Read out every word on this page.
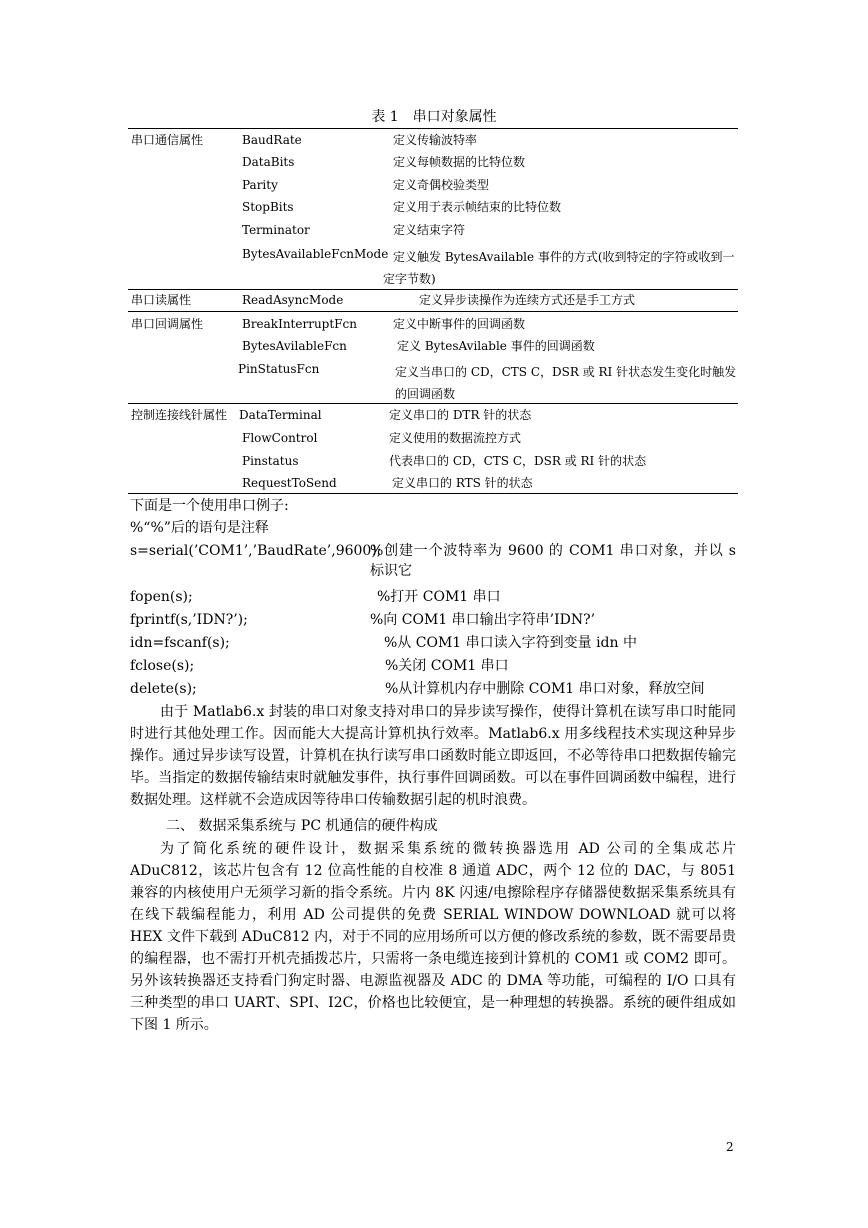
表 1　串口对象属性
串口通信属性	BaudRate	定义传输波特率
DataBits	定义每帧数据的比特位数
Parity	定义奇偶校验类型
StopBits	定义用于表示帧结束的比特位数
Terminator	定义结束字符
BytesAvailableFcnMode 定义触发 BytesAvailable 事件的方式(收到特定的字符或收到一定字节数)
串口读属性	ReadAsyncMode	定义异步读操作为连续方式还是手工方式
串口回调属性	BreakInterruptFcn	定义中断事件的回调函数
BytesAvilableFcn	定义 BytesAvilable 事件的回调函数
PinStatusFcn	定义当串口的 CD，CTS C，DSR 或 RI 针状态发生变化时触发的回调函数
控制连接线针属性 DataTerminal	定义串口的 DTR 针的状态
FlowControl	定义使用的数据流控方式
Pinstatus	代表串口的 CD，CTS C，DSR 或 RI 针的状态
RequestToSend	定义串口的 RTS 针的状态
下面是一个使用串口例子:
%“%”后的语句是注释
s=serial(’COM1’,’BaudRate’,9600);
%创建一个波特率为 9600 的 COM1 串口对象，并以 s 标识它
fopen(s);	%打开 COM1 串口
fprintf(s,’IDN?’);	%向 COM1 串口输出字符串’IDN?’
idn=fscanf(s);	%从 COM1 串口读入字符到变量 idn 中
fclose(s);	%关闭 COM1 串口
delete(s);	%从计算机内存中删除 COM1 串口对象，释放空间
由于 Matlab6.x 封装的串口对象支持对串口的异步读写操作，使得计算机在读写串口时能同时进行其他处理工作。因而能大大提高计算机执行效率。Matlab6.x 用多线程技术实现这种异步操作。通过异步读写设置，计算机在执行读写串口函数时能立即返回，不必等待串口把数据传输完毕。当指定的数据传输结束时就触发事件，执行事件回调函数。可以在事件回调函数中编程，进行数据处理。这样就不会造成因等待串口传输数据引起的机时浪费。
二、 数据采集系统与 PC 机通信的硬件构成
为了简化系统的硬件设计，数据采集系统的微转换器选用 AD 公司的全集成芯片 ADuC812，该芯片包含有 12 位高性能的自校准 8 通道 ADC，两个 12 位的 DAC，与 8051 兼容的内核使用户无须学习新的指令系统。片内 8K 闪速/电擦除程序存储器使数据采集系统具有在线下载编程能力，利用 AD 公司提供的免费 SERIAL WINDOW DOWNLOAD 就可以将 HEX 文件下载到 ADuC812 内，对于不同的应用场所可以方便的修改系统的参数，既不需要昂贵的编程器，也不需打开机壳插拨芯片，只需将一条电缆连接到计算机的 COM1 或 COM2 即可。另外该转换器还支持看门狗定时器、电源监视器及 ADC 的 DMA 等功能，可编程的 I/O 口具有三种类型的串口 UART、SPI、I2C，价格也比较便宜，是一种理想的转换器。系统的硬件组成如下图 1 所示。
2
